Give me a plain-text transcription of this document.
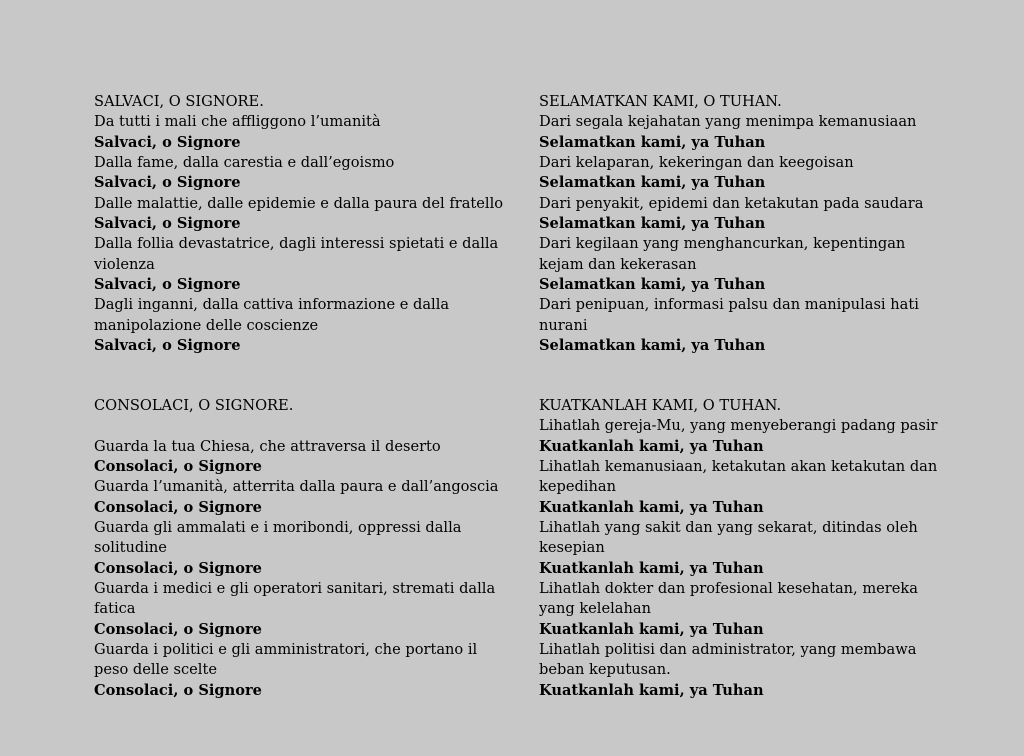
SALVACI, O SIGNORE.
Da tutti i mali che affliggono l’umanità
Salvaci, o Signore
Dalla fame, dalla carestia e dall’egoismo
Salvaci, o Signore
Dalle malattie, dalle epidemie e dalla paura del fratello
Salvaci, o Signore
Dalla follia devastatrice, dagli interessi spietati e dalla violenza
Salvaci, o Signore
Dagli inganni, dalla cattiva informazione e dalla manipolazione delle coscienze
Salvaci, o Signore
SELAMATKAN KAMI, O TUHAN.
Dari segala kejahatan yang menimpa kemanusiaan
Selamatkan kami, ya Tuhan
Dari kelaparan, kekeringan dan keegoisan
Selamatkan kami, ya Tuhan
Dari penyakit, epidemi dan ketakutan pada saudara
Selamatkan kami, ya Tuhan
Dari kegilaan yang menghancurkan, kepentingan kejam dan kekerasan
Selamatkan kami, ya Tuhan
Dari penipuan, informasi palsu dan manipulasi hati nurani
Selamatkan kami, ya Tuhan
CONSOLACI, O SIGNORE.
Guarda la tua Chiesa, che attraversa il deserto
Consolaci, o Signore
Guarda l’umanità, atterrita dalla paura e dall’angoscia
Consolaci, o Signore
Guarda gli ammalati e i moribondi, oppressi dalla solitudine
Consolaci, o Signore
Guarda i medici e gli operatori sanitari, stremati dalla fatica
Consolaci, o Signore
Guarda i politici e gli amministratori, che portano il peso delle scelte
Consolaci, o Signore
KUATKANLAH KAMI, O TUHAN.
Lihatlah gereja-Mu, yang menyeberangi padang pasir
Kuatkanlah kami, ya Tuhan
Lihatlah kemanusiaan, ketakutan akan ketakutan dan kepedihan
Kuatkanlah kami, ya Tuhan
Lihatlah yang sakit dan yang sekarat, ditindas oleh kesepian
Kuatkanlah kami, ya Tuhan
Lihatlah dokter dan profesional kesehatan, mereka yang kelelahan
Kuatkanlah kami, ya Tuhan
Lihatlah politisi dan administrator, yang membawa beban keputusan.
Kuatkanlah kami, ya Tuhan
